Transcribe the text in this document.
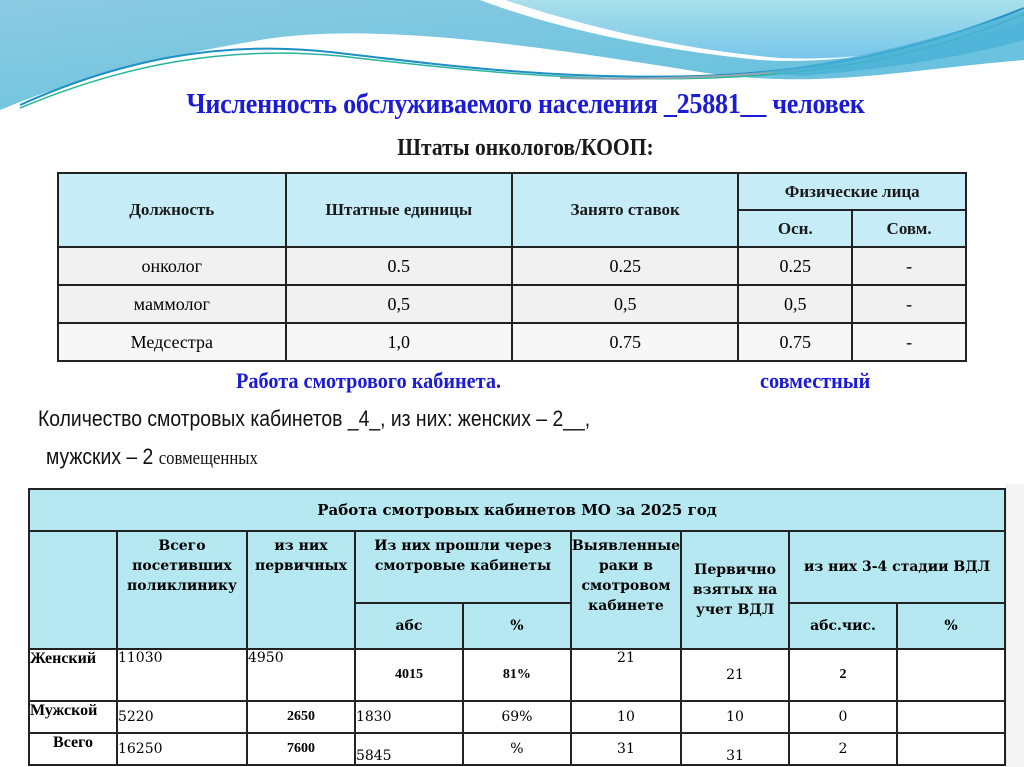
Численность обслуживаемого населения _25881__ человек
Штаты онкологов/КООП:
Должность	Штатные единицы	Занято ставок	Физические лица	
			Осн.	Совм.
онколог	0.5	0.25	0.25	-
маммолог	0,5	0,5	0,5	-
Медсестра	1,0	0.75	0.75	-
Работа смотрового кабинета.	совместный
Количество смотровых кабинетов _4_, из них: женских – 2__,
мужских – 2 совмещенных
Работа смотровых кабинетов МО за 2025 год								
	Всего посетивших поликлинику	из них первичных	Из них прошли через смотровые кабинеты		Выявленные раки в смотровом кабинете	Первично взятых на учет ВДЛ	из них 3-4 стадии ВДЛ	
			абс	%			абс.чис.	%
Женский	11030	4950	4015	81%	21	21	2	
Мужской	5220	2650	1830	69%	10	10	0	
Всего	16250	7600	5845	%	31	31	2	
